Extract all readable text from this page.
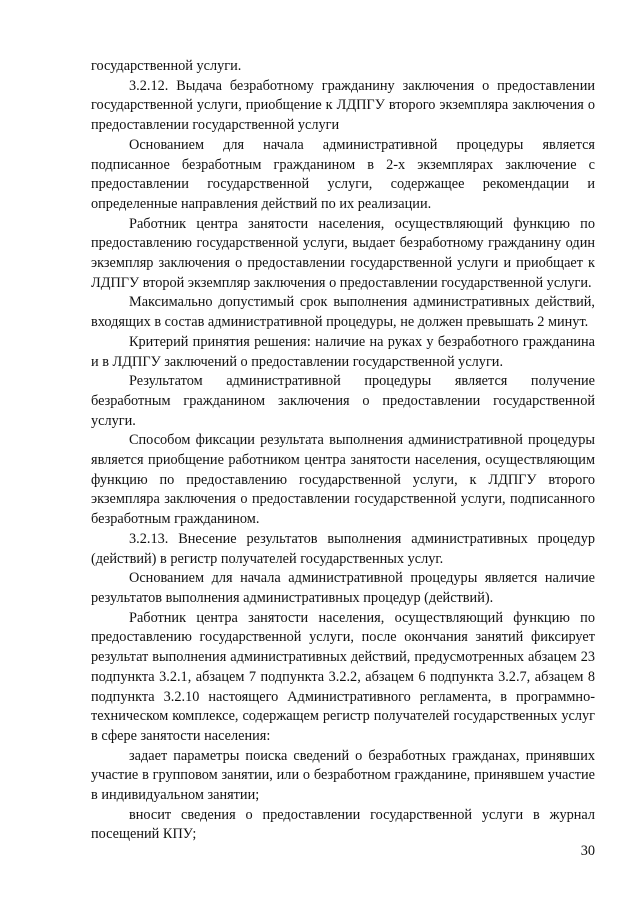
государственной услуги.

3.2.12. Выдача безработному гражданину заключения о предоставлении государственной услуги, приобщение к ЛДПГУ второго экземпляра заключения о предоставлении государственной услуги

Основанием для начала административной процедуры является подписанное безработным гражданином в 2-х экземплярах заключение с предоставлении государственной услуги, содержащее рекомендации и определенные направления действий по их реализации.

Работник центра занятости населения, осуществляющий функцию по предоставлению государственной услуги, выдает безработному гражданину один экземпляр заключения о предоставлении государственной услуги и приобщает к ЛДПГУ второй экземпляр заключения о предоставлении государственной услуги.

Максимально допустимый срок выполнения административных действий, входящих в состав административной процедуры, не должен превышать 2 минут.

Критерий принятия решения: наличие на руках у безработного гражданина и в ЛДПГУ заключений о предоставлении государственной услуги.

Результатом административной процедуры является получение безработным гражданином заключения о предоставлении государственной услуги.

Способом фиксации результата выполнения административной процедуры является приобщение работником центра занятости населения, осуществляющим функцию по предоставлению государственной услуги, к ЛДПГУ второго экземпляра заключения о предоставлении государственной услуги, подписанного безработным гражданином.

3.2.13. Внесение результатов выполнения административных процедур (действий) в регистр получателей государственных услуг.

Основанием для начала административной процедуры является наличие результатов выполнения административных процедур (действий).

Работник центра занятости населения, осуществляющий функцию по предоставлению государственной услуги, после окончания занятий фиксирует результат выполнения административных действий, предусмотренных абзацем 23 подпункта 3.2.1, абзацем 7 подпункта 3.2.2, абзацем 6 подпункта 3.2.7, абзацем 8 подпункта 3.2.10 настоящего Административного регламента, в программно-техническом комплексе, содержащем регистр получателей государственных услуг в сфере занятости населения:

задает параметры поиска сведений о безработных гражданах, принявших участие в групповом занятии, или о безработном гражданине, принявшем участие в индивидуальном занятии;

вносит сведения о предоставлении государственной услуги в журнал посещений КПУ;

30
